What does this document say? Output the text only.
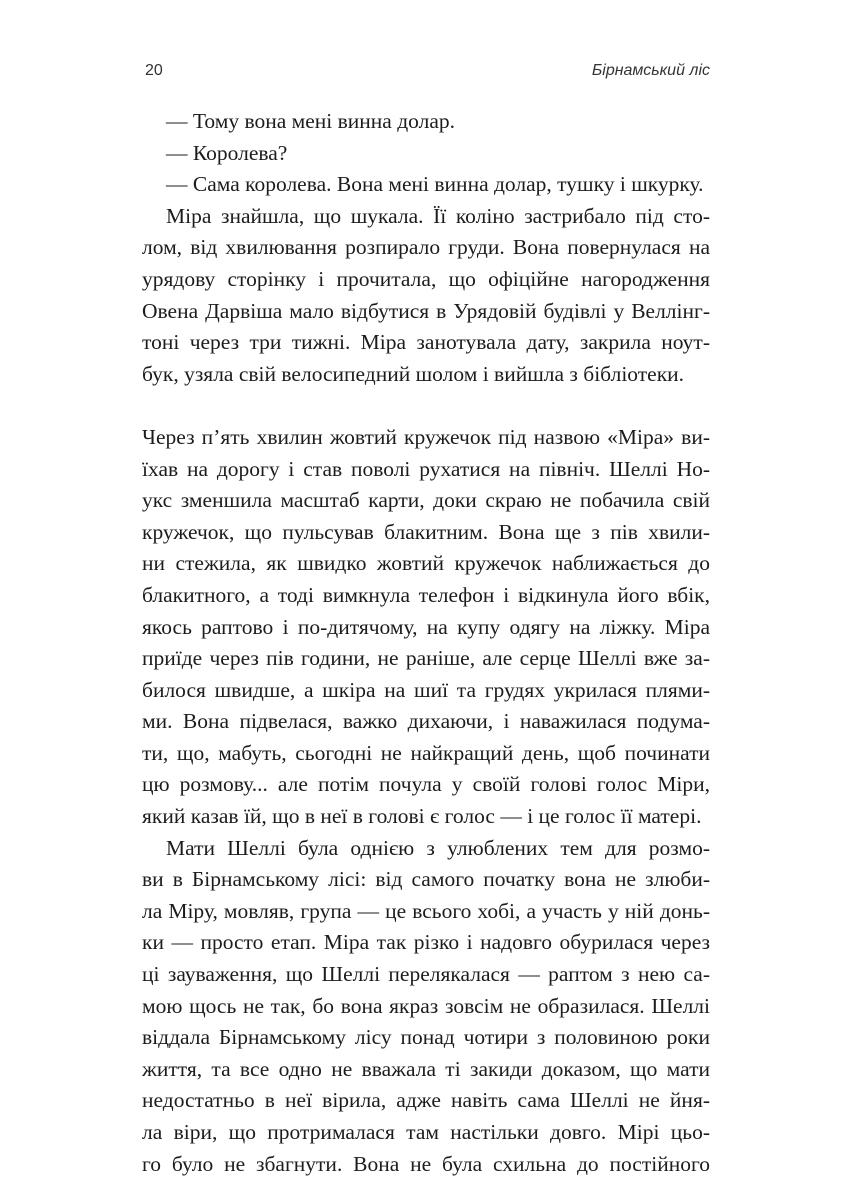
20	Бірнамський ліс
— Тому вона мені винна долар.
— Королева?
— Сама королева. Вона мені винна долар, тушку і шкурку.
Міра знайшла, що шукала. Її коліно застрибало під сто-
лом, від хвилювання розпирало груди. Вона повернулася на
урядову сторінку і прочитала, що офіційне нагородження
Овена Дарвіша мало відбутися в Урядовій будівлі у Веллінг-
тоні через три тижні. Міра занотувала дату, закрила ноут-
бук, узяла свій велосипедний шолом і вийшла з бібліотеки.
Через п’ять хвилин жовтий кружечок під назвою «Міра» ви-
їхав на дорогу і став поволі рухатися на північ. Шеллі Но-
укс зменшила масштаб карти, доки скраю не побачила свій
кружечок, що пульсував блакитним. Вона ще з пів хвили-
ни стежила, як швидко жовтий кружечок наближається до
блакитного, а тоді вимкнула телефон і відкинула його вбік,
якось раптово і по-дитячому, на купу одягу на ліжку. Міра
приїде через пів години, не раніше, але серце Шеллі вже за-
билося швидше, а шкіра на шиї та грудях укрилася плями-
ми. Вона підвелася, важко дихаючи, і наважилася подума-
ти, що, мабуть, сьогодні не найкращий день, щоб починати
цю розмову... але потім почула у своїй голові голос Міри,
який казав їй, що в неї в голові є голос — і це голос її матері.
Мати Шеллі була однією з улюблених тем для розмо-
ви в Бірнамському лісі: від самого початку вона не злюби-
ла Міру, мовляв, група — це всього хобі, а участь у ній донь-
ки — просто етап. Міра так різко і надовго обурилася через
ці зауваження, що Шеллі перелякалася — раптом з нею са-
мою щось не так, бо вона якраз зовсім не образилася. Шеллі
віддала Бірнамському лісу понад чотири з половиною роки
життя, та все одно не вважала ті закиди доказом, що мати
недостатньо в неї вірила, адже навіть сама Шеллі не йня-
ла віри, що протрималася там настільки довго. Мірі цьо-
го було не збагнути. Вона не була схильна до постійного
